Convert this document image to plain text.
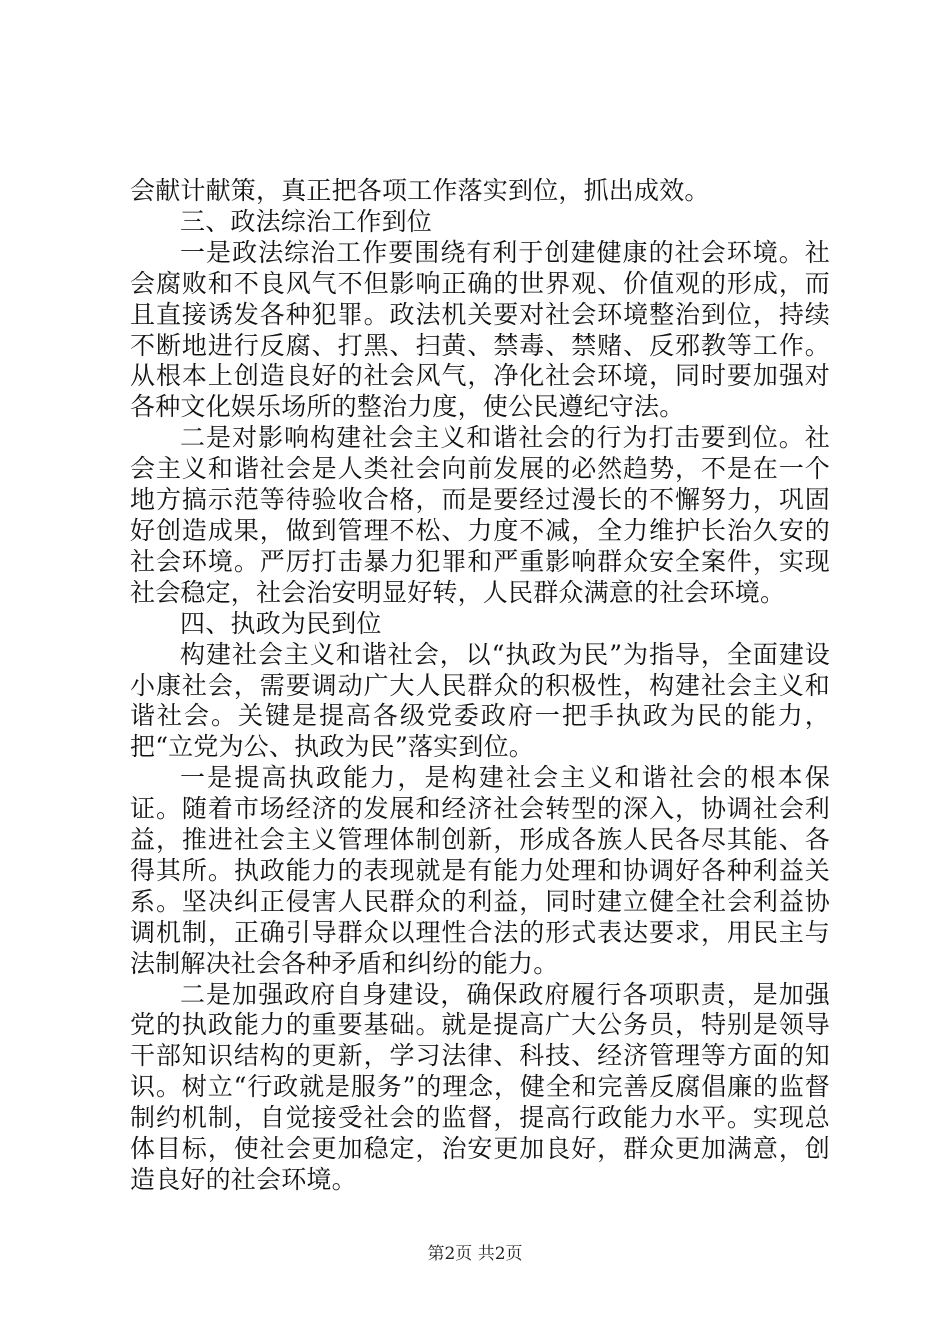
会献计献策，真正把各项工作落实到位，抓出成效。

三、政法综治工作到位

一是政法综治工作要围绕有利于创建健康的社会环境。社会腐败和不良风气不但影响正确的世界观、价值观的形成，而且直接诱发各种犯罪。政法机关要对社会环境整治到位，持续不断地进行反腐、打黑、扫黄、禁毒、禁赌、反邪教等工作。从根本上创造良好的社会风气，净化社会环境，同时要加强对各种文化娱乐场所的整治力度，使公民遵纪守法。

二是对影响构建社会主义和谐社会的行为打击要到位。社会主义和谐社会是人类社会向前发展的必然趋势，不是在一个地方搞示范等待验收合格，而是要经过漫长的不懈努力，巩固好创造成果，做到管理不松、力度不减，全力维护长治久安的社会环境。严厉打击暴力犯罪和严重影响群众安全案件，实现社会稳定，社会治安明显好转，人民群众满意的社会环境。

四、执政为民到位

构建社会主义和谐社会，以“执政为民”为指导，全面建设小康社会，需要调动广大人民群众的积极性，构建社会主义和谐社会。关键是提高各级党委政府一把手执政为民的能力，把“立党为公、执政为民”落实到位。

一是提高执政能力，是构建社会主义和谐社会的根本保证。随着市场经济的发展和经济社会转型的深入，协调社会利益，推进社会主义管理体制创新，形成各族人民各尽其能、各得其所。执政能力的表现就是有能力处理和协调好各种利益关系。坚决纠正侵害人民群众的利益，同时建立健全社会利益协调机制，正确引导群众以理性合法的形式表达要求，用民主与法制解决社会各种矛盾和纠纷的能力。

二是加强政府自身建设，确保政府履行各项职责，是加强党的执政能力的重要基础。就是提高广大公务员，特别是领导干部知识结构的更新，学习法律、科技、经济管理等方面的知识。树立“行政就是服务”的理念，健全和完善反腐倡廉的监督制约机制，自觉接受社会的监督，提高行政能力水平。实现总体目标，使社会更加稳定，治安更加良好，群众更加满意，创造良好的社会环境。

第2页 共2页
